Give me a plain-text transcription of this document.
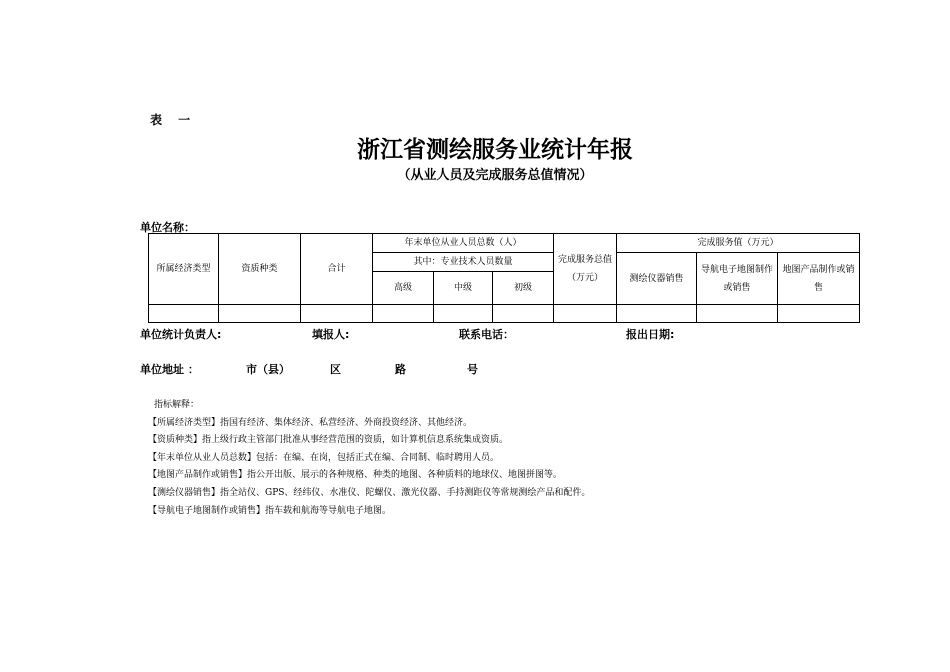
表 一
浙江省测绘服务业统计年报
（从业人员及完成服务总值情况）
单位名称：
所属经济类型	资质种类	合计	年末单位从业人员总数（人）			完成服务总值（万元）	完成服务值（万元）		

			其中：专业技术人员数量				测绘仪器销售	导航电子地图制作或销售	地图产品制作或销售

			高级	中级	初级				

单位统计负责人:	填报人:	联系电话：	报出日期:
单位地址 ：	市（县）	区	路	号
指标解释：
【所属经济类型】指国有经济、集体经济、私营经济、外商投资经济、其他经济。
【资质种类】指上级行政主管部门批准从事经营范围的资质，如计算机信息系统集成资质。
【年末单位从业人员总数】包括：在编、在岗，包括正式在编、合同制、临时聘用人员。
【地图产品制作或销售】指公开出版、展示的各种规格、种类的地图、各种质料的地球仪、地图拼图等。
【测绘仪器销售】指全站仪、GPS、经纬仪、水准仪、陀螺仪、激光仪器、手持测距仪等常规测绘产品和配件。
【导航电子地图制作或销售】指车载和航海等导航电子地图。
